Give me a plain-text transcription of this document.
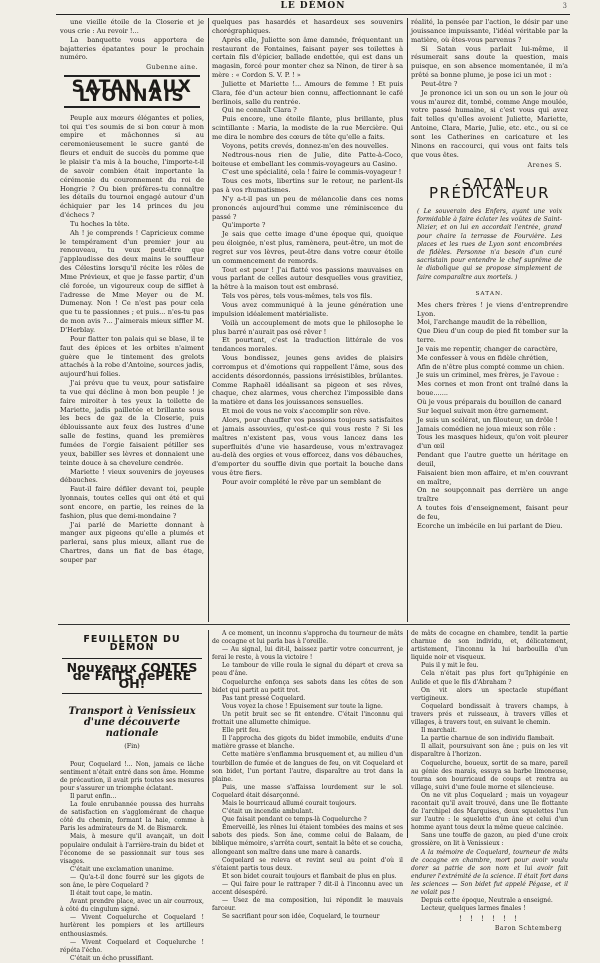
LE DÉMON	3

une vieille étoile de la Closerie et je vous crie : Au revoir !...

La banquette vous apportera de bajatteries épatantes pour le prochain numéro.

Gubenne aine.
SATAN AUX LYONNAIS

Peuple aux mœurs élégantes et polies, toi qui t'es soumis de si bon cœur à mon empire et mâchonnes si au ceremonieusement le sucre ganté de fleurs et enduit de succès du pomme que le plaisir t'a mis à la bouche, l'importe-t-il de savoir combien était importante la cérémonie du couronnement du roi de Hongrie ? Ou bien préfères-tu connaître les détails du tournoi engagé autour d'un échiquier par les 14 princes du jeu d'échecs ?

Tu hoches la tête.

Ah ! je comprends ! Capricieux comme le tempérament d'un premier jour au renouveau, tu veux peut-être que j'applaudisse des deux mains le souffleur des Célestins lorsqu'il récite les rôles de Mme Prévieux, et que je fasse partir, d'un clé forcée, un vigoureux coup de sifflet à l'adresse de Mme Meyer ou de M. Dumenay. Non ! Ce n'est pas pour cela que tu te passionnes ; et puis... n'es-tu pas de mon avis ?... J'aimerais mieux siffler M. D'Herblay.

Pour flatter ton palais qui se blase, il te faut des épices et les orbites n'aiment guère que le tintement des grelots attachés à la robe d'Antoine, sources jadis, aujourd'hui folies.

J'ai prévu que tu veux, pour satisfaire ta vue qui décline à mon bon peuple ! je faire miroiter à tes yeux la toilette de Mariette, jadis pailletée et brillante sous les becs de gaz de la Closerie, puis éblouissante aux feux des lustres d'une salle de festins, quand les premières fumées de l'orgie faisaient pétiller ses yeux, babiller ses lèvres et donnaient une teinte douce à sa chevelure cendrée.

Mariette ! vieux souvenirs de joyeuses débauches.

Faut-il faire défiler devant toi, peuple lyonnais, toutes celles qui ont été et qui sont encore, en partie, les reines de la fashion, plus que demi-mondaine ?

J'ai parlé de Mariette donnant à manger aux pigeons qu'elle a plumés et parlerai, sans plus mieux, allant rue de Chartres, dans un fiat de bas étage, souper par

quelques pas hasardés et hasardeux ses souvenirs chorégraphiques.

Après elle, Juliette son âme damnée, fréquentant un restaurant de Fontaines, faisant payer ses toilettes à certain fils d'épicier, ballade endettée, qui est dans un magasin, forcé pour monter chez sa Ninon, de tirer à sa mère : « Cordon S. V. P. ! »

Juliette et Mariette !... Amours de femme ! Et puis Clara, fée d'un acteur bien connu, affectionnant le café berlinois, salle du rentrée.

Qui ne connaît Clara ?

Puis encore, une étoile filante, plus brillante, plus scintillante : Maria, la modiste de la rue Mercière. Qui me dira le nombre des cœurs de tête qu'elle a faits.

Voyons, petits crevés, donnez-m'en des nouvelles.

Nedtrous-nous rien de Julie, dite Patte-à-Coco, boiteuse et embellant les commis-voyageurs au Casino.

C'est une spécialité, cela ! faire le commis-voyageur !

Tous ces mots, libertins sur le retour, ne parlent-ils pas à vos rhumatismes.

N'y a-t-il pas un peu de mélancolie dans ces noms prononcés aujourd'hui comme une réminiscence du passé ?

Qu'importe ?

Je sais que cette image d'une époque qui, quoique peu éloignée, n'est plus, ramènera, peut-être, un mot de regret sur vos lèvres, peut-être dans votre cœur étoile un commencement de remords.

Tout est pour ! J'ai flatté vos passions mauvaises en vous parlant de celles autour desquelles vous gravitiez, la hêtre à la maison tout est embrasé.

Tels vos pères, tels vous-mêmes, tels vos fils.

Vous avez communiqué à la jeune génération une impulsion idéalement matérialiste.

Voilà un accouplement de mots que le philosophe le plus barré n'aurait pas osé rêver !

Et pourtant, c'est la traduction littérale de vos tendances morales.

Vous bondissez, jeunes gens avides de plaisirs corrompus et d'émotions qui rappellent l'âme, sous des accidents désordonnés, passions irrésistibles, brûlantes. Comme Raphaël idéalisant sa pigeon et ses rêves, chaque, chez alarmes, vous cherchez l'impossible dans la matière et dans les jouissances sensuelles.

Et moi de vous ne voix s'accomplir son rêve.

Alors, pour chauffer vos passions toujours satisfaites et jamais assouvies, qu'est-ce qui vous reste ? Si les maîtres n'existent pas, vous vous lancez dans les superfluités d'une vie hasardeuse, vous m'extravagez au-delà des orgies et vous efforcez, dans vos débauches, d'emporter du souffle divin que portait la bouche dans vous être fiers.

Pour avoir complété le rêve par un semblant de

réalité, la pensée par l'action, le désir par une jouissance impuissante, l'idéal véritable par la matière, où êtes-vous parvenus ?

Si Satan vous parlait lui-même, il résumerait sans doute la question, mais puisque, en son absence momentanée, il m'a prêté sa bonne plume, je pose ici un mot :

Peut-être ?

Je prononce ici un son ou un son le jour où vous m'aurez dit, tombé, comme Ange moulée, votre passé humaine, si c'est vous qui avez fait telles qu'elles avoient Juliette, Mariette, Antoine, Clara, Marie, Julie, etc. etc., ou si ce sont les Catherines en caricature et les Ninons en raccourci, qui vous ont faits tels que vous êtes.

Arenes S.
SATAN PRÉDICATEUR
( Le souverain des Enfers, ayant une voix formidable à faire éclater les voûtes de Saint-Nizier, et on lui en accordait l'entrée, grand pour chaire la terrasse de Fourvière. Les places et les rues de Lyon sont encombrées de fidèles. Personne n'a besoin d'un curé sacristain pour entendre le chef suprême de le diabolique qui se propose simplement de faire comparaître aux mortels. )
SATAN.

Mes chers frères ! je viens d'entreprendre Lyon.

Moi, l'archange maudit de la rébellion,

Que Dieu d'un coup de pied fit tomber sur la terre.

Je vais me repentir, changer de caractère,

Me confesser à vous en fidèle chrétien,

Afin de n'être plus compté comme un chien.

Je suis un criminel, mes frères, je l'avoue :

Mes cornes et mon front ont traîné dans la boue.......

Où je vous préparais du bouillon de canard

Sur lequel suivait mon être garnement.

Je suis un scélérat, un filouteur, un drôle !

Jamais comédien ne joua mieux son rôle :

Tous les masques hideux, qu'on voit pleurer d'un œil

Pendant que l'autre guette un héritage en deuil,

Faisaient bien mon affaire, et m'en couvrant en maître,

On ne soupçonnait pas derrière un ange traître

A toutes fois d'enseignement, faisant peur de feu,

Ecorche un imbécile en lui parlant de Dieu.

FEUILLETON DU DÉMON
Nouveaux CONTES de FAITS dePÈRE OH!
Transport à Venissieux d'une découverte nationale
(Fin)

Pour, Coquelard !... Non, jamais ce lâche sentiment n'était entré dans son âme. Homme de précaution, il avait pris toutes ses mesures pour s'assurer un triomphe éclatant.

Il parut enfin...

La foule enrubannée poussa des hurrahs de satisfaction en s'agglomérant de chaque côté du chemin, formant la haie, comme à Paris les admirateurs de M. de Bismarck.

Mais, à mesure qu'il avançait, un doit populaire ondulait à l'arrière-train du bidet et l'économe de se passionnait sur tous ses visages.

C'était une exclamation unanime.

— Qu'a-t-il donc fourré sur les gigots de son âne, le père Coquelard ?

Il était tout cape, le matin.

Avant prendre place, avec un air courroux, à côté du cingulum signé.

— Vivent Coquelurche et Coquelard ! hurlèrent les pompiers et les artilleurs enthousiasmés.

— Vivent Coquelard et Coquelurche ! répéta l'écho.

C'était un écho prussifiant.

A ce moment, un inconnu s'approcha du tourneur de mâts de cocagne et lui parla bas à l'oreille.

— Au signal, lui dit-il, baissez partir votre concurrent, je ferai le reste, à vous la victoire !

Le tambour de ville roula le signal du départ et creva sa peau d'âne.

Coquelurche enfonça ses sabots dans les côtes de son bidet qui partit au petit trot.

Pas tant pressé Coquelard.

Vous voyez la chose ! Epuisement sur toute la ligne.

Un petit bruit sec se fit entendre. C'était l'inconnu qui frottait une allumette chimique.

Elle prit feu.

Il l'approcha des gigots du bidet immobile, enduits d'une matière grasse et blanche.

Cette matière s'enflamma brusquement et, au milieu d'un tourbillon de fumée et de langues de feu, on vit Coquelard et son bidet, l'un portant l'autre, disparaître au trot dans la plaine.

Puis, une masse s'affaissa lourdement sur le sol. Coquelard était désarçonné.

Mais le bourricaud allumé courait toujours.

C'était un incendie ambulant.

Que faisait pendant ce temps-là Coquelurche ?

Émerveillé, les rênes lui étaient tombées des mains et ses sabots des pieds. Son âne, comme celui de Balaam, de biblique mémoire, s'arrêta court, sentait la bête et se coucha, allongeant son maître dans une mare à canards.

Coquelard se releva et revint seul au point d'où il s'étaient partis tous deux.

Et son bidet courait toujours et flambait de plus en plus.

— Qui faire pour le rattraper ? dit-il à l'inconnu avec un accent désespéré.

— Usez de ma composition, lui répondit le mauvais farceur.

Se sacrifiant pour son idée, Coquelard, le tourneur

de mâts de cocagne en chambre, tendit la partie charnue de son individu, et, délicatement, artistement, l'inconnu la lui barbouilla d'un liquide noir et visqueux.

Puis il y mit le feu.

Cela n'était pas plus fort qu'Iphigénie en Aulide et que le fils d'Abraham ?

On vit alors un spectacle stupéfiant vertigineux.

Coquelard bondissait à travers champs, à travers prés et ruisseaux, à travers villes et villages, à travers tout, en suivant le chemin.

Il marchait.

La partie charnue de son individu flambait.

Il allait, poursuivant son âne ; puis on les vit disparaître à l'horizon.

Coquelurche, boueux, sortit de sa mare, pareil au génie des marais, essuya sa barbe limoneuse, tourna son bourricaud de coups et rentra au village, suivi d'une foule morne et silencieuse.

On ne vit plus Coquelard ; mais un voyageur racontait qu'il avait trouvé, dans une île flottante de l'archipel des Marquises, deux squelettes l'un sur l'autre : le squelette d'un âne et celui d'un homme ayant tous deux la même queue calcinée.

Sans une touffe de gazon, au pied d'une croix grossière, on lit à Venissieux :

A la mémoire de Coquelard, tourneur de mâts de cocagne en chambre, mort pour avoir voulu dorer sa patrie de son nom et lui avoir fait endurer l'extrémité de la science. Il était fort dans les sciences — Son bidet fut appelé Pégase, et il ne volait pas !

Depuis cette époque, Neutrale a enseigné.

Lecteur, quelques larmes finales !

! ! ! ! ! !
Baron Schtemberg
